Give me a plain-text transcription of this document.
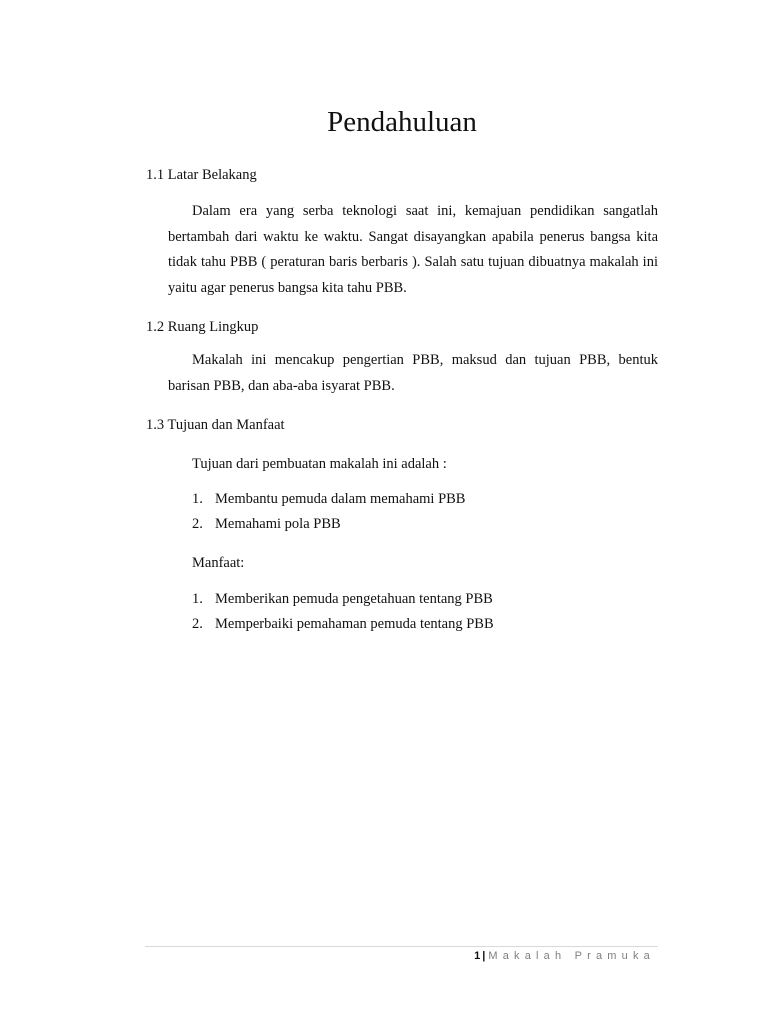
Pendahuluan
1.1 Latar Belakang
Dalam era yang serba teknologi saat ini, kemajuan pendidikan sangatlah bertambah dari waktu ke waktu. Sangat disayangkan apabila penerus bangsa kita tidak tahu PBB ( peraturan baris berbaris ). Salah satu tujuan dibuatnya makalah ini yaitu agar penerus bangsa kita tahu PBB.
1.2 Ruang Lingkup
Makalah ini mencakup pengertian PBB, maksud dan tujuan PBB, bentuk barisan PBB, dan aba-aba isyarat PBB.
1.3 Tujuan dan Manfaat
Tujuan dari pembuatan makalah ini adalah :
1. Membantu pemuda dalam memahami PBB
2. Memahami pola PBB
Manfaat:
1. Memberikan pemuda pengetahuan tentang PBB
2. Memperbaiki pemahaman pemuda tentang PBB
1 | Makalah Pramuka
